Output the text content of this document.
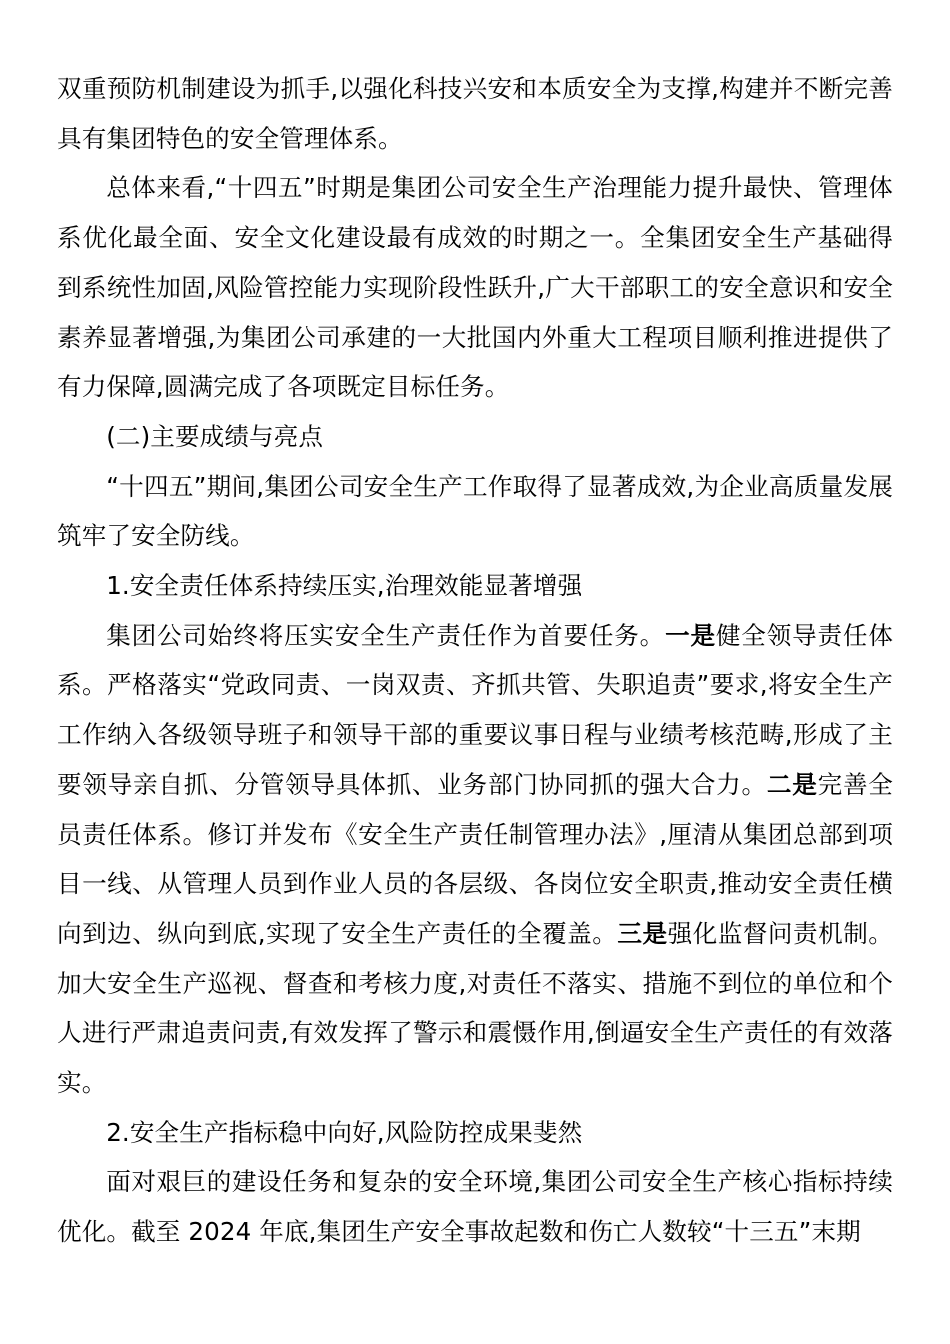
双重预防机制建设为抓手,以强化科技兴安和本质安全为支撑,构建并不断完善具有集团特色的安全管理体系。

总体来看,“十四五”时期是集团公司安全生产治理能力提升最快、管理体系优化最全面、安全文化建设最有成效的时期之一。全集团安全生产基础得到系统性加固,风险管控能力实现阶段性跃升,广大干部职工的安全意识和安全素养显著增强,为集团公司承建的一大批国内外重大工程项目顺利推进提供了有力保障,圆满完成了各项既定目标任务。

(二)主要成绩与亮点

“十四五”期间,集团公司安全生产工作取得了显著成效,为企业高质量发展筑牢了安全防线。

1.安全责任体系持续压实,治理效能显著增强

集团公司始终将压实安全生产责任作为首要任务。一是健全领导责任体系。严格落实“党政同责、一岗双责、齐抓共管、失职追责”要求,将安全生产工作纳入各级领导班子和领导干部的重要议事日程与业绩考核范畴,形成了主要领导亲自抓、分管领导具体抓、业务部门协同抓的强大合力。二是完善全员责任体系。修订并发布《安全生产责任制管理办法》,厘清从集团总部到项目一线、从管理人员到作业人员的各层级、各岗位安全职责,推动安全责任横向到边、纵向到底,实现了安全生产责任的全覆盖。三是强化监督问责机制。加大安全生产巡视、督查和考核力度,对责任不落实、措施不到位的单位和个人进行严肃追责问责,有效发挥了警示和震慑作用,倒逼安全生产责任的有效落实。

2.安全生产指标稳中向好,风险防控成果斐然

面对艰巨的建设任务和复杂的安全环境,集团公司安全生产核心指标持续优化。截至 2024 年底,集团生产安全事故起数和伤亡人数较“十三五”末期
